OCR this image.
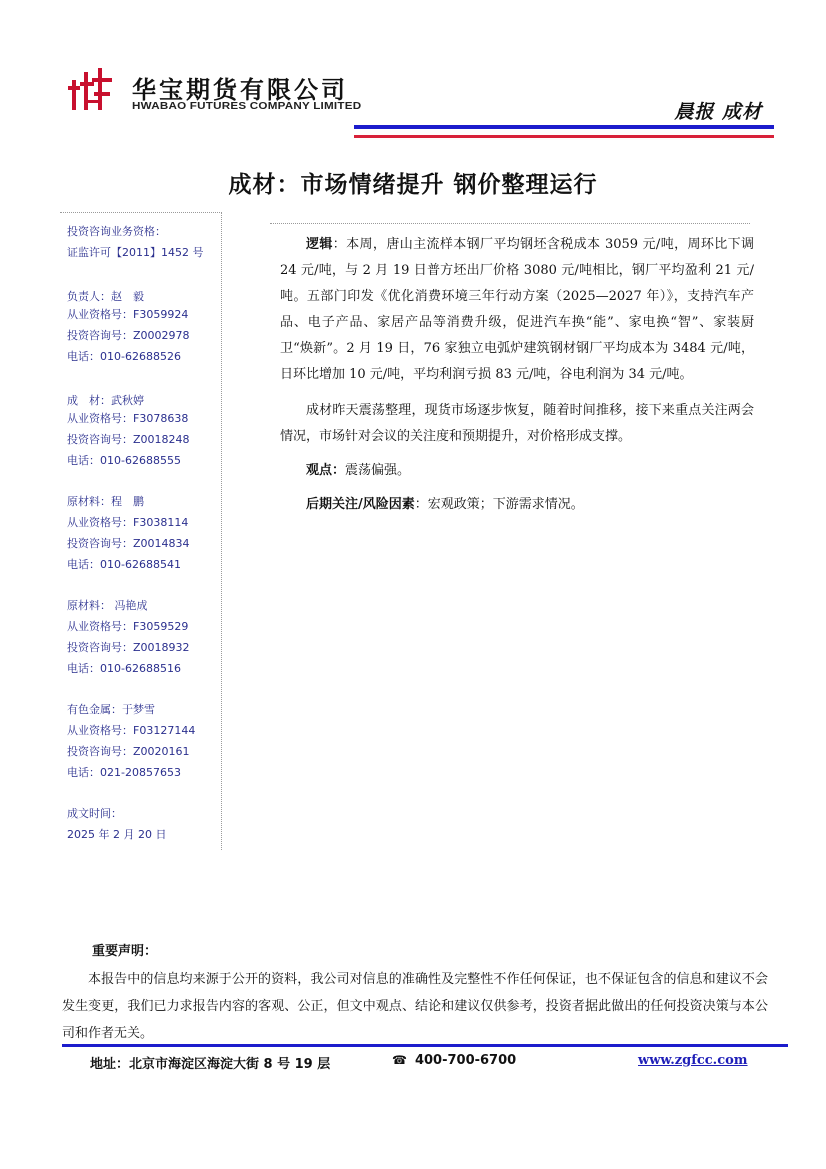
华宝期货有限公司
HWABAO FUTURES COMPANY LIMITED	晨报 成材
成材：市场情绪提升 钢价整理运行
投资咨询业务资格：
证监许可【2011】1452 号
负责人：赵　毅
从业资格号：F3059924
投资咨询号：Z0002978
电话：010-62688526
成　材：武秋婷
从业资格号：F3078638
投资咨询号：Z0018248
电话：010-62688555
原材料：程　鹏
从业资格号：F3038114
投资咨询号：Z0014834
电话：010-62688541
原材料： 冯艳成
从业资格号：F3059529
投资咨询号：Z0018932
电话：010-62688516
有色金属：于梦雪
从业资格号：F03127144
投资咨询号：Z0020161
电话：021-20857653
成文时间：
2025 年 2 月 20 日

逻辑：本周，唐山主流样本钢厂平均钢坯含税成本 3059 元/吨，周环比下调 24 元/吨，与 2 月 19 日普方坯出厂价格 3080 元/吨相比，钢厂平均盈利 21 元/吨。五部门印发《优化消费环境三年行动方案（2025—2027 年）》，支持汽车产品、电子产品、家居产品等消费升级，促进汽车换“能”、家电换“智”、家装厨卫“焕新”。2 月 19 日，76 家独立电弧炉建筑钢材钢厂平均成本为 3484 元/吨，日环比增加 10 元/吨，平均利润亏损 83 元/吨，谷电利润为 34 元/吨。

成材昨天震荡整理，现货市场逐步恢复，随着时间推移，接下来重点关注两会情况，市场针对会议的关注度和预期提升，对价格形成支撑。

观点：震荡偏强。

后期关注/风险因素：宏观政策；下游需求情况。

重要声明：
本报告中的信息均来源于公开的资料，我公司对信息的准确性及完整性不作任何保证，也不保证包含的信息和建议不会发生变更，我们已力求报告内容的客观、公正，但文中观点、结论和建议仅供参考，投资者据此做出的任何投资决策与本公司和作者无关。
地址：北京市海淀区海淀大街 8 号 19 层	☎ 400-700-6700	www.zgfcc.com
